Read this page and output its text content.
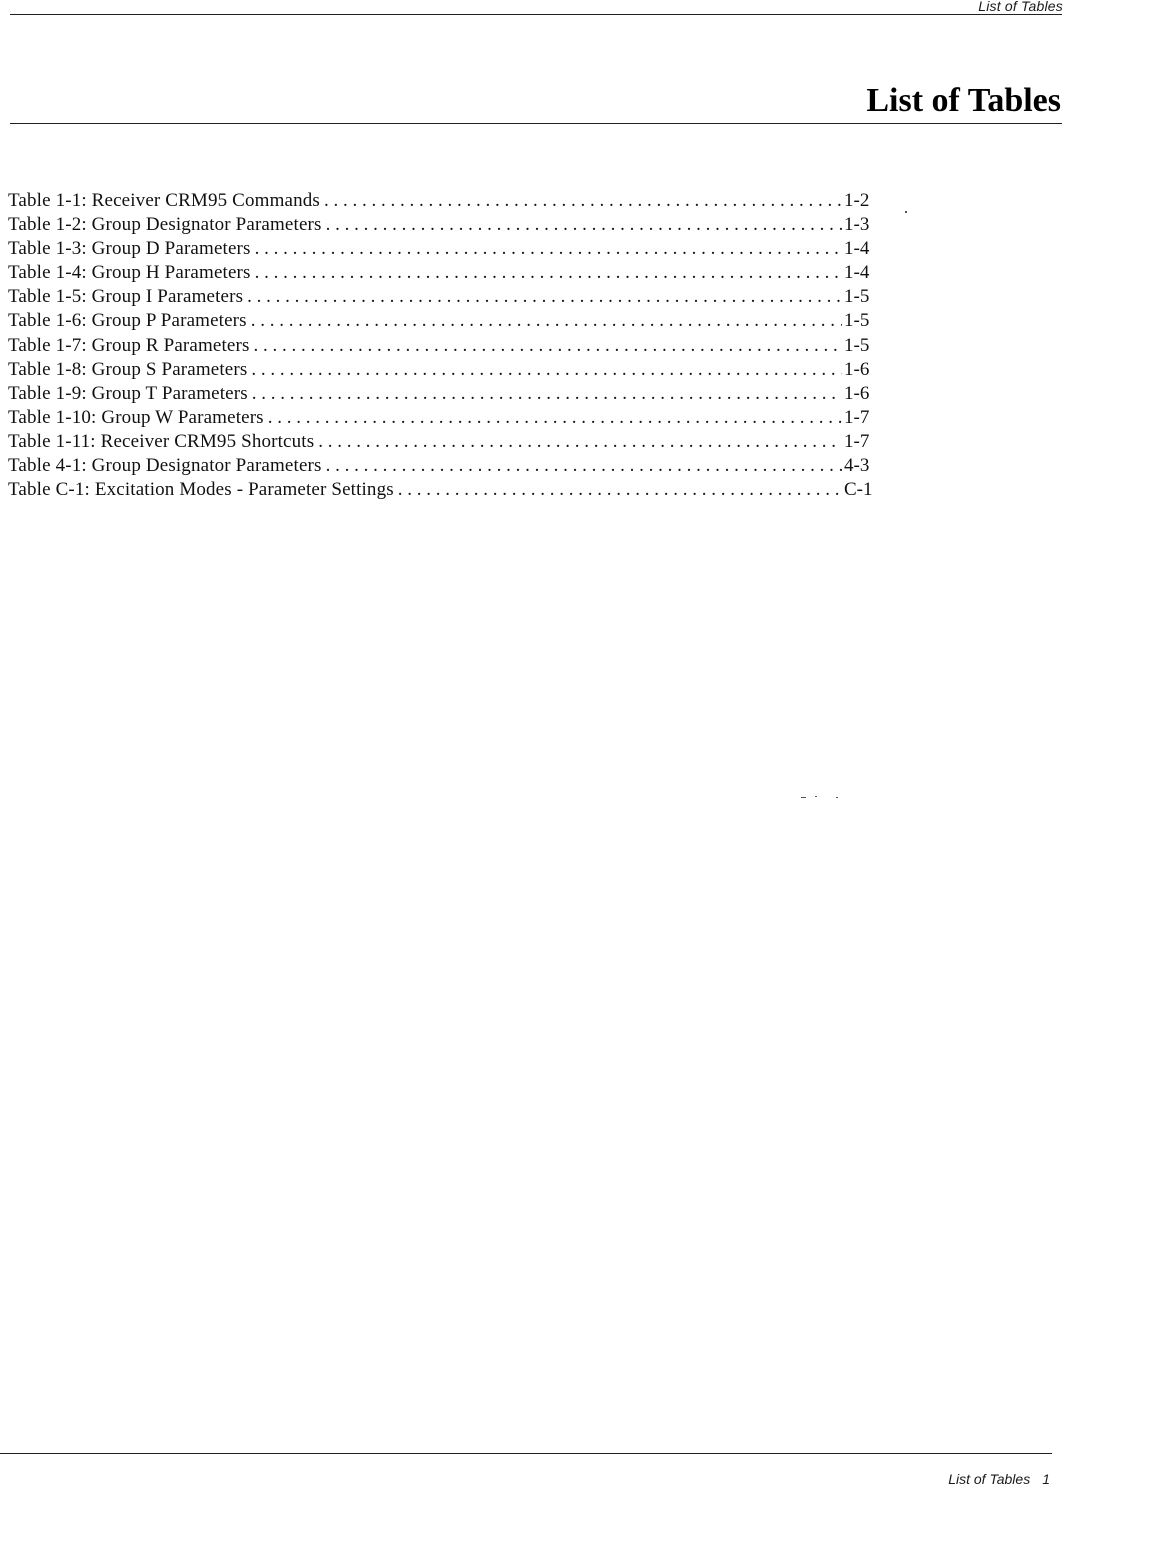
List of Tables
List of Tables
Table 1-1: Receiver CRM95 Commands . . .	1-2
Table 1-2: Group Designator Parameters . . .	1-3
Table 1-3: Group D Parameters . . .	1-4
Table 1-4: Group H Parameters . . .	1-4
Table 1-5: Group I Parameters . . .	1-5
Table 1-6: Group P Parameters . . .	1-5
Table 1-7: Group R Parameters . . .	1-5
Table 1-8: Group S Parameters . . .	1-6
Table 1-9: Group T Parameters . . .	1-6
Table 1-10: Group W Parameters . . .	1-7
Table 1-11: Receiver CRM95 Shortcuts . . .	1-7
Table 4-1: Group Designator Parameters . . .	4-3
Table C-1: Excitation Modes - Parameter Settings . . .	C-1
List of Tables 1
